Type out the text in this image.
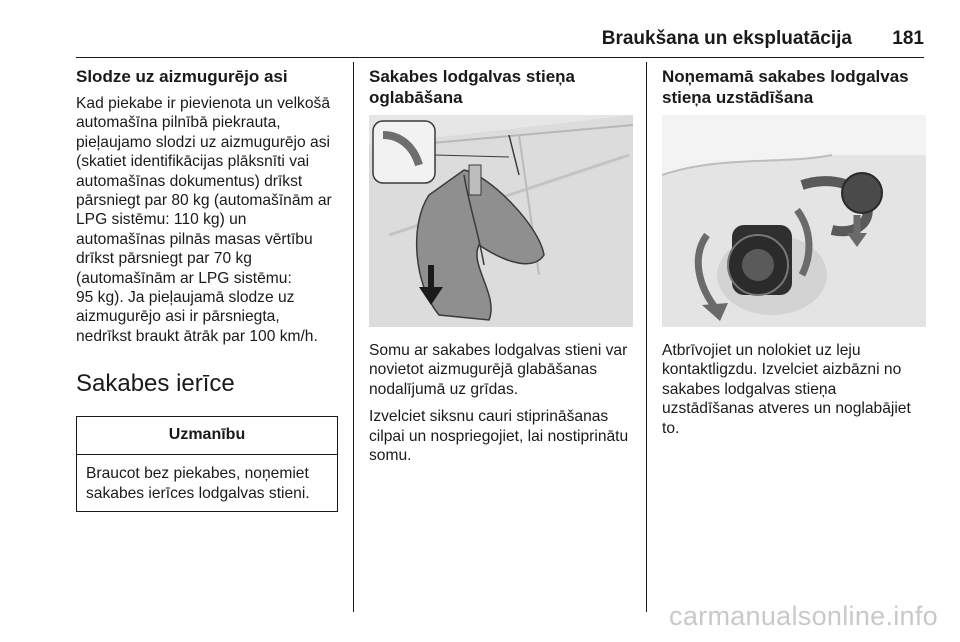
Braukšana un ekspluatācija 181
Slodze uz aizmugurējo asi

Kad piekabe ir pievienota un velkošā
automašīna pilnībā piekrauta,
pieļaujamo slodzi uz aizmugurējo asi
(skatiet identifikācijas plāksnīti vai
automašīnas dokumentus) drīkst
pārsniegt par 80 kg (automašīnām ar
LPG sistēmu: 110 kg) un
automašīnas pilnās masas vērtību
drīkst pārsniegt par 70 kg
(automašīnām ar LPG sistēmu:
95 kg). Ja pieļaujamā slodze uz
aizmugurējo asi ir pārsniegta,
nedrīkst braukt ātrāk par 100 km/h.

Sakabes ierīce
Uzmanību
Braucot bez piekabes, noņemiet
sakabes ierīces lodgalvas stieni.
Sakabes lodgalvas stieņa
oglabāšana

Somu ar sakabes lodgalvas stieni var
novietot aizmugurējā glabāšanas
nodalījumā uz grīdas.

Izvelciet siksnu cauri stiprināšanas
cilpai un nospriegojiet, lai nostiprinātu
somu.

Noņemamā sakabes lodgalvas
stieņa uzstādīšana

Atbrīvojiet un nolokiet uz leju
kontaktligzdu. Izvelciet aizbāzni no
sakabes lodgalvas stieņa
uzstādīšanas atveres un noglabājiet
to.

carmanualsonline.info
